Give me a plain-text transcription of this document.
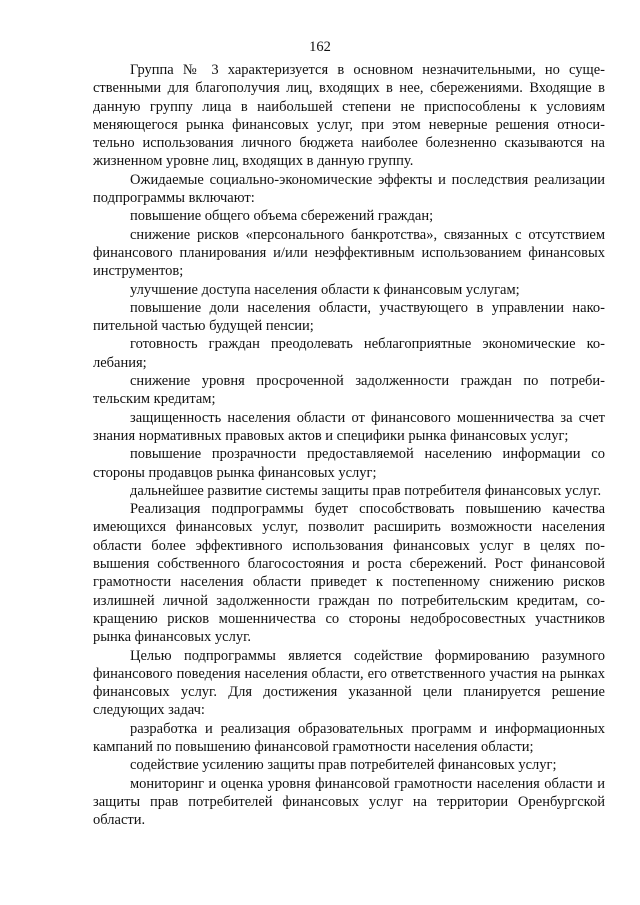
162

Группа № 3 характеризуется в основном незначительными, но существенными для благополучия лиц, входящих в нее, сбережениями. Входящие в данную группу лица в наибольшей степени не приспособлены к условиям меняющегося рынка финансовых услуг, при этом неверные решения относительно использования личного бюджета наиболее болезненно сказываются на жизненном уровне лиц, входящих в данную группу.

Ожидаемые социально-экономические эффекты и последствия реализации подпрограммы включают:

повышение общего объема сбережений граждан;

снижение рисков «персонального банкротства», связанных с отсутствием финансового планирования и/или неэффективным использованием финансовых инструментов;

улучшение доступа населения области к финансовым услугам;

повышение доли населения области, участвующего в управлении накопительной частью будущей пенсии;

готовность граждан преодолевать неблагоприятные экономические колебания;

снижение уровня просроченной задолженности граждан по потребительским кредитам;

защищенность населения области от финансового мошенничества за счет знания нормативных правовых актов и специфики рынка финансовых услуг;

повышение прозрачности предоставляемой населению информации со стороны продавцов рынка финансовых услуг;

дальнейшее развитие системы защиты прав потребителя финансовых услуг.

Реализация подпрограммы будет способствовать повышению качества имеющихся финансовых услуг, позволит расширить возможности населения области более эффективного использования финансовых услуг в целях повышения собственного благосостояния и роста сбережений. Рост финансовой грамотности населения области приведет к постепенному снижению рисков излишней личной задолженности граждан по потребительским кредитам, сокращению рисков мошенничества со стороны недобросовестных участников рынка финансовых услуг.

Целью подпрограммы является содействие формированию разумного финансового поведения населения области, его ответственного участия на рынках финансовых услуг. Для достижения указанной цели планируется решение следующих задач:

разработка и реализация образовательных программ и информационных кампаний по повышению финансовой грамотности населения области;

содействие усилению защиты прав потребителей финансовых услуг;

мониторинг и оценка уровня финансовой грамотности населения области и защиты прав потребителей финансовых услуг на территории Оренбургской области.
